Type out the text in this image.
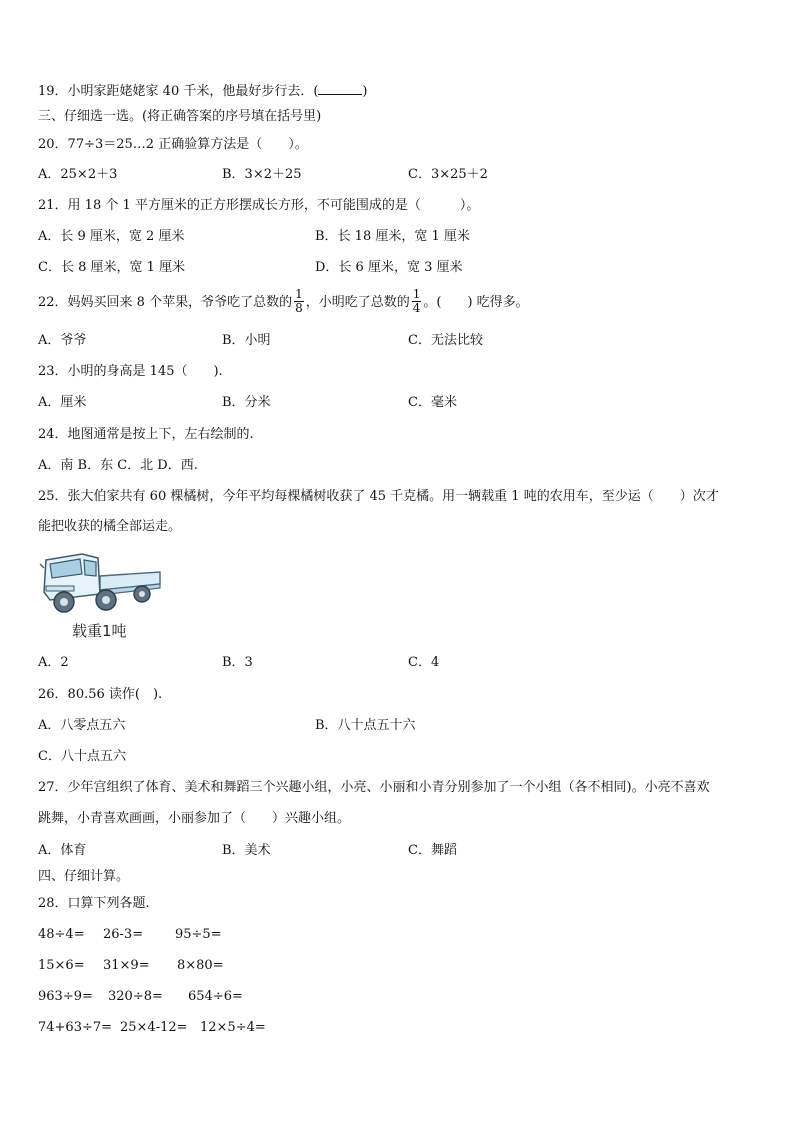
19．小明家距姥姥家 40 千米，他最好步行去．(	)
三、仔细选一选。(将正确答案的序号填在括号里)
20．77÷3＝25…2 正确验算方法是（　　）。
A．25×2＋3	B．3×2＋25	C．3×25＋2
21．用 18 个 1 平方厘米的正方形摆成长方形，不可能围成的是（　　　）。
A．长 9 厘米，宽 2 厘米	B．长 18 厘米，宽 1 厘米
C．长 8 厘米，宽 1 厘米	D．长 6 厘米，宽 3 厘米
22．妈妈买回来 8 个苹果，爷爷吃了总数的 $\frac{1}{8}$ ，小明吃了总数的 $\frac{1}{4}$ 。(　　) 吃得多。
A．爷爷	B．小明	C．无法比较
23．小明的身高是 145（　　).
A．厘米	B．分米	C．毫米
24．地图通常是按上下，左右绘制的.
A．南 B．东 C．北 D．西.
25．张大伯家共有 60 棵橘树，今年平均每棵橘树收获了 45 千克橘。用一辆载重 1 吨的农用车，至少运（　　）次才
能把收获的橘全部运走。
载重1吨
A．2	B．3	C．4
26．80.56 读作(　).
A．八零点五六	B．八十点五十六
C．八十点五六
27．少年宫组织了体育、美术和舞蹈三个兴趣小组，小亮、小丽和小青分别参加了一个小组（各不相同)。小亮不喜欢
跳舞，小青喜欢画画，小丽参加了（　　）兴趣小组。
A．体育	B．美术	C．舞蹈
四、仔细计算。
28．口算下列各题.
48÷4= 26-3= 95÷5=
15×6= 31×9= 8×80=
963÷9= 320÷8= 654÷6=
74+63÷7= 25×4-12= 12×5÷4=
